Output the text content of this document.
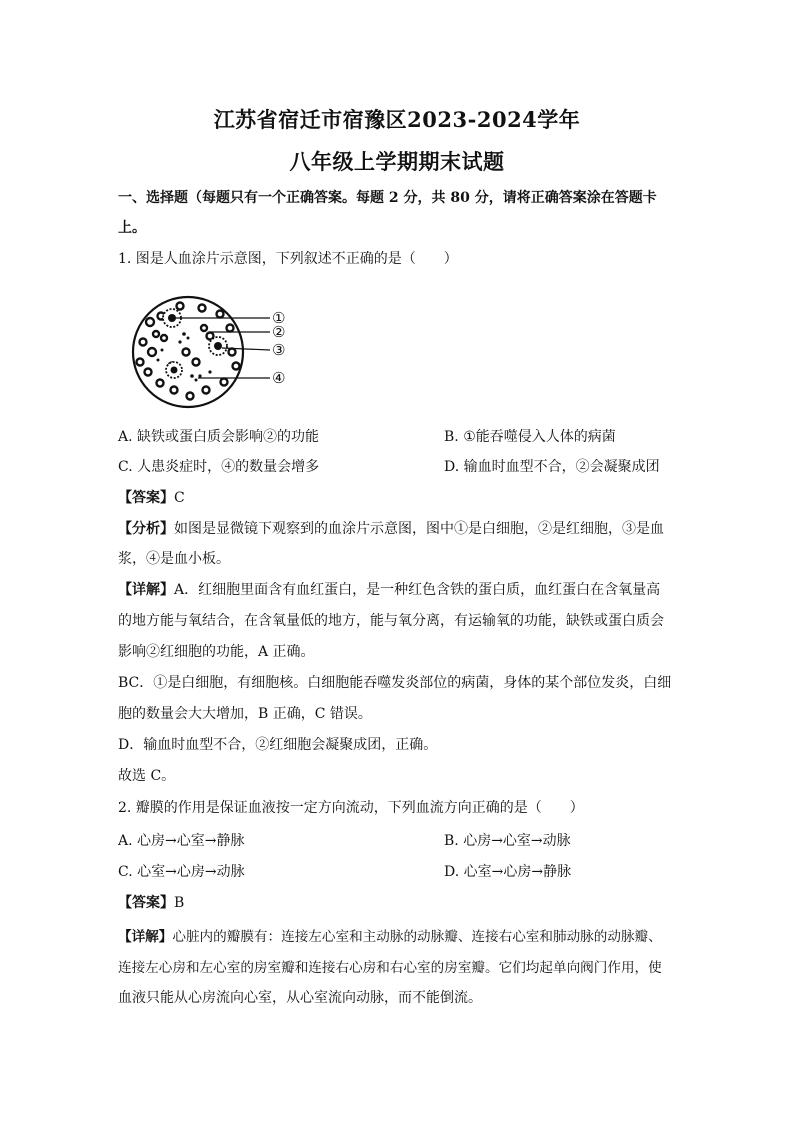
江苏省宿迁市宿豫区2023-2024学年
八年级上学期期末试题
一、选择题（每题只有一个正确答案。每题 2 分，共 80 分，请将正确答案涂在答题卡
上。
1. 图是人血涂片示意图，下列叙述不正确的是（　　）
①
②
③
④
A. 缺铁或蛋白质会影响②的功能	B. ①能吞噬侵入人体的病菌
C. 人患炎症时，④的数量会增多	D. 输血时血型不合，②会凝聚成团
【答案】C
【分析】如图是显微镜下观察到的血涂片示意图，图中①是白细胞，②是红细胞，③是血
浆，④是血小板。
【详解】A．红细胞里面含有血红蛋白，是一种红色含铁的蛋白质，血红蛋白在含氧量高
的地方能与氧结合，在含氧量低的地方，能与氧分离，有运输氧的功能，缺铁或蛋白质会
影响②红细胞的功能，A 正确。
BC．①是白细胞，有细胞核。白细胞能吞噬发炎部位的病菌，身体的某个部位发炎，白细
胞的数量会大大增加，B 正确，C 错误。
D．输血时血型不合，②红细胞会凝聚成团，正确。
故选 C。
2. 瓣膜的作用是保证血液按一定方向流动，下列血流方向正确的是（　　）
A. 心房→心室→静脉	B. 心房→心室→动脉
C. 心室→心房→动脉	D. 心室→心房→静脉
【答案】B
【详解】心脏内的瓣膜有：连接左心室和主动脉的动脉瓣、连接右心室和肺动脉的动脉瓣、
连接左心房和左心室的房室瓣和连接右心房和右心室的房室瓣。它们均起单向阀门作用，使
血液只能从心房流向心室，从心室流向动脉，而不能倒流。
